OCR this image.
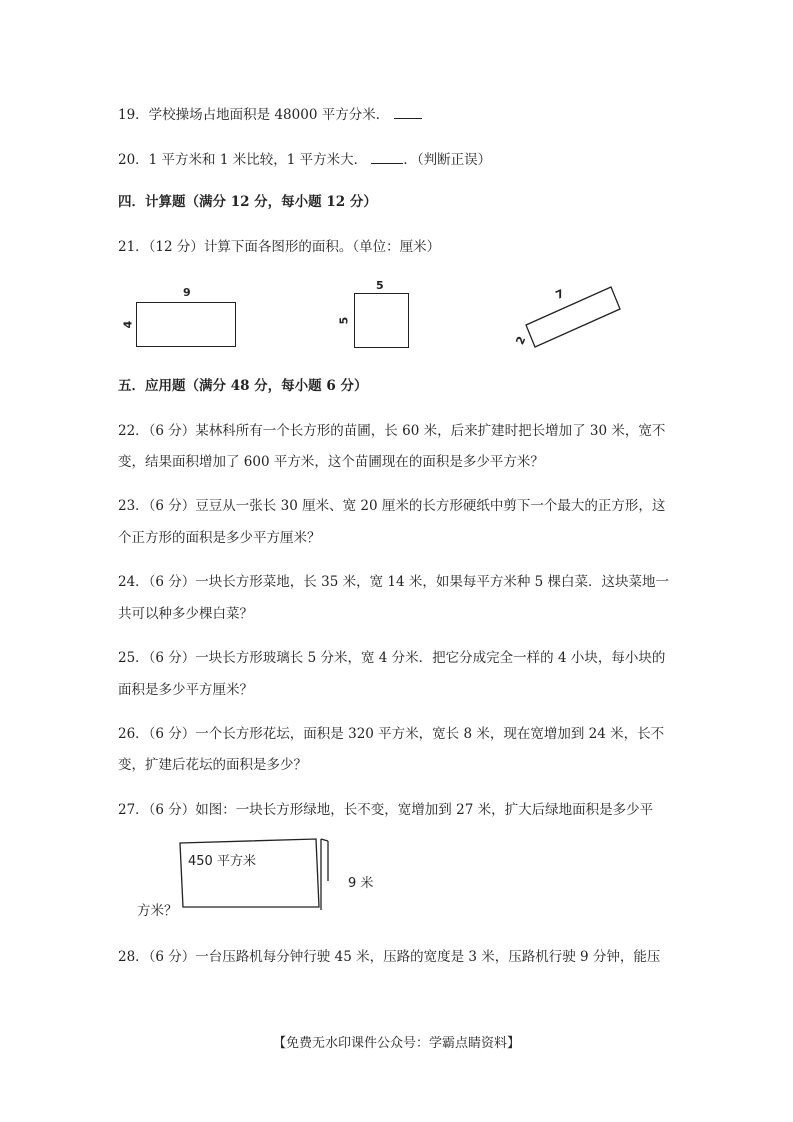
19．学校操场占地面积是 48000 平方分米．
20．1 平方米和 1 米比较，1 平方米大．	．（判断正误）
四．计算题（满分 12 分，每小题 12 分）
21．（12 分）计算下面各图形的面积。（单位：厘米）
9
4
5
5
7
2
五．应用题（满分 48 分，每小题 6 分）
22．（6 分）某林科所有一个长方形的苗圃，长 60 米，后来扩建时把长增加了 30 米，宽不
变，结果面积增加了 600 平方米，这个苗圃现在的面积是多少平方米？
23．（6 分）豆豆从一张长 30 厘米、宽 20 厘米的长方形硬纸中剪下一个最大的正方形，这
个正方形的面积是多少平方厘米？
24．（6 分）一块长方形菜地，长 35 米，宽 14 米，如果每平方米种 5 棵白菜．这块菜地一
共可以种多少棵白菜？
25．（6 分）一块长方形玻璃长 5 分米，宽 4 分米．把它分成完全一样的 4 小块，每小块的
面积是多少平方厘米？
26．（6 分）一个长方形花坛，面积是 320 平方米，宽长 8 米，现在宽增加到 24 米，长不
变，扩建后花坛的面积是多少？
27．（6 分）如图：一块长方形绿地，长不变，宽增加到 27 米，扩大后绿地面积是多少平
450 平方米
9 米
方米？
28．（6 分）一台压路机每分钟行驶 45 米，压路的宽度是 3 米，压路机行驶 9 分钟，能压
【免费无水印课件公众号：学霸点睛资料】
